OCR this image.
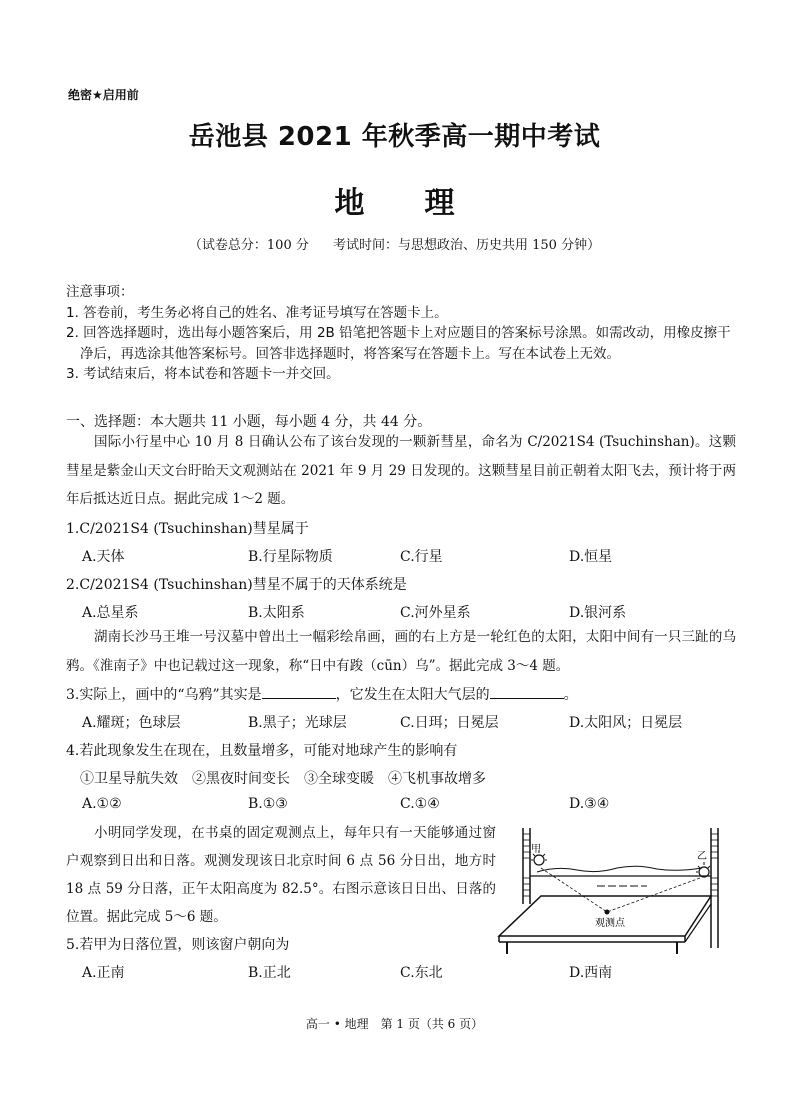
绝密★启用前
岳池县 2021 年秋季高一期中考试
地理
（试卷总分：100 分 考试时间：与思想政治、历史共用 150 分钟）
注意事项：
1. 答卷前，考生务必将自己的姓名、准考证号填写在答题卡上。
2. 回答选择题时，选出每小题答案后，用 2B 铅笔把答题卡上对应题目的答案标号涂黑。如需改动，用橡皮擦干净后，再选涂其他答案标号。回答非选择题时，将答案写在答题卡上。写在本试卷上无效。
3. 考试结束后，将本试卷和答题卡一并交回。
一、选择题：本大题共 11 小题，每小题 4 分，共 44 分。

国际小行星中心 10 月 8 日确认公布了该台发现的一颗新彗星，命名为 C/2021S4 (Tsuchinshan)。这颗彗星是紫金山天文台盱眙天文观测站在 2021 年 9 月 29 日发现的。这颗彗星目前正朝着太阳飞去，预计将于两年后抵达近日点。据此完成 1～2 题。

1.C/2021S4 (Tsuchinshan)彗星属于
A.天体	B.行星际物质	C.行星	D.恒星
2.C/2021S4 (Tsuchinshan)彗星不属于的天体系统是
A.总星系	B.太阳系	C.河外星系	D.银河系

湖南长沙马王堆一号汉墓中曾出土一幅彩绘帛画，画的右上方是一轮红色的太阳，太阳中间有一只三趾的乌鸦。《淮南子》中也记载过这一现象，称“日中有踆（cūn）乌”。据此完成 3～4 题。

3.实际上，画中的“乌鸦”其实是	，它发生在太阳大气层的	。
A.耀斑；色球层	B.黑子；光球层	C.日珥；日冕层	D.太阳风；日冕层
4.若此现象发生在现在，且数量增多，可能对地球产生的影响有
①卫星导航失效　②黑夜时间变长　③全球变暖　④飞机事故增多
A.①②	B.①③	C.①④	D.③④

小明同学发现，在书桌的固定观测点上，每年只有一天能够通过窗户观察到日出和日落。观测发现该日北京时间 6 点 56 分日出，地方时 18 点 59 分日落，正午太阳高度为 82.5°。右图示意该日日出、日落的位置。据此完成 5～6 题。

甲
乙
观测点
5.若甲为日落位置，则该窗户朝向为
A.正南	B.正北	C.东北	D.西南
高一 • 地理　第 1 页（共 6 页）
